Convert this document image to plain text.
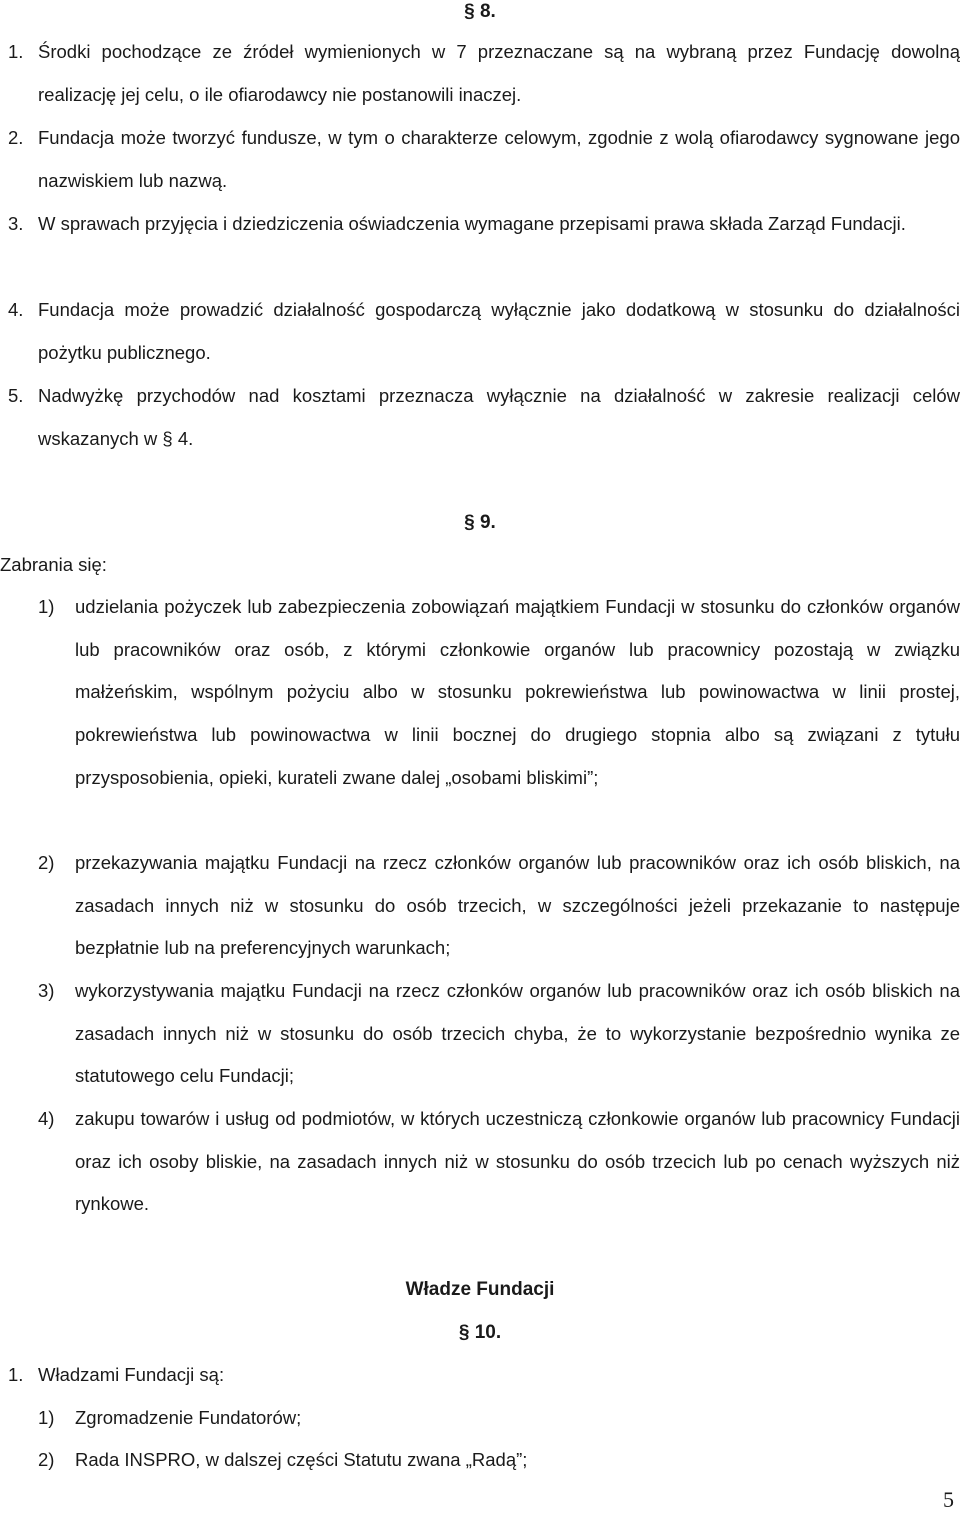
§ 8.
1. Środki pochodzące ze źródeł wymienionych w 7 przeznaczane są na wybraną przez Fundację dowolną realizację jej celu, o ile ofiarodawcy nie postanowili inaczej.
2. Fundacja może tworzyć fundusze, w tym o charakterze celowym, zgodnie z wolą ofiarodawcy sygnowane jego nazwiskiem lub nazwą.
3. W sprawach przyjęcia i dziedziczenia oświadczenia wymagane przepisami prawa składa Zarząd Fundacji.
4. Fundacja może prowadzić działalność gospodarczą wyłącznie jako dodatkową w stosunku do działalności pożytku publicznego.
5. Nadwyżkę przychodów nad kosztami przeznacza wyłącznie na działalność w zakresie realizacji celów wskazanych w § 4.
§ 9.
Zabrania się:
1) udzielania pożyczek lub zabezpieczenia zobowiązań majątkiem Fundacji w stosunku do członków organów lub pracowników oraz osób, z którymi członkowie organów lub pracownicy pozostają w związku małżeńskim, wspólnym pożyciu albo w stosunku pokrewieństwa lub powinowactwa w linii prostej, pokrewieństwa lub powinowactwa w linii bocznej do drugiego stopnia albo są związani z tytułu przysposobienia, opieki, kurateli zwane dalej „osobami bliskimi”;
2) przekazywania majątku Fundacji na rzecz członków organów lub pracowników oraz ich osób bliskich, na zasadach innych niż w stosunku do osób trzecich, w szczególności jeżeli przekazanie to następuje bezpłatnie lub na preferencyjnych warunkach;
3) wykorzystywania majątku Fundacji na rzecz członków organów lub pracowników oraz ich osób bliskich na zasadach innych niż w stosunku do osób trzecich chyba, że to wykorzystanie bezpośrednio wynika ze statutowego celu Fundacji;
4) zakupu towarów i usług od podmiotów, w których uczestniczą członkowie organów lub pracownicy Fundacji oraz ich osoby bliskie, na zasadach innych niż w stosunku do osób trzecich lub po cenach wyższych niż rynkowe.
Władze Fundacji
§ 10.
1. Władzami Fundacji są:
1) Zgromadzenie Fundatorów;
2) Rada INSPRO, w dalszej części Statutu zwana „Radą”;
5
